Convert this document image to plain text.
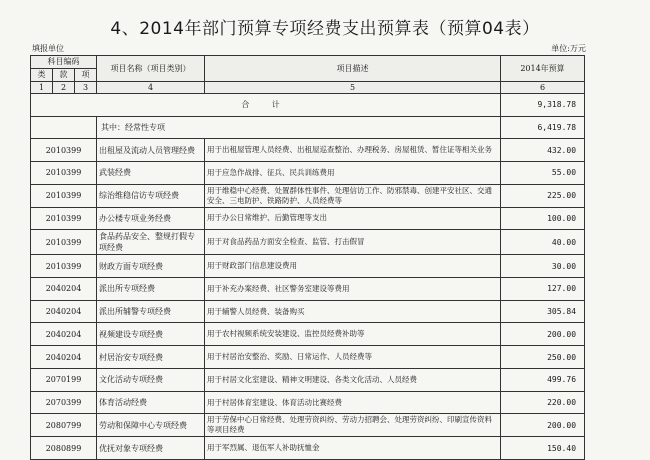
4、2014年部门预算专项经费支出预算表（预算04表）
填报单位	单位:万元
科目编码			项目名称（项目类别）	项目描述	2014年预算
类	款	项			
1	2	3	4	5	6
合 计					9,318.78
			其中：经常性专项		6,419.78
2010399			出租屋及流动人员管理经费	用于出租屋管理人员经费、出租屋巡查整治、办理税务、房屋租赁、暂住证等相关业务	432.00
2010399			武装经费	用于应急作战排、征兵、民兵训练费用	55.00
2010399			综治维稳信访专项经费	用于维稳中心经费、处置群体性事件、处理信访工作、防邪禁毒、创建平安社区、交通安全、三电防护、铁路防护、人员经费等	225.00
2010399			办公楼专项业务经费	用于办公日常维护、后勤管理等支出	100.00
2010399			食品药品安全、整规打假专项经费	用于对食品药品方面安全检查、监管、打击假冒	40.00
2010399			财政方面专项经费	用于财政部门信息建设费用	30.00
2040204			派出所专项经费	用于补充办案经费、社区警务室建设等费用	127.00
2040204			派出所辅警专项经费	用于辅警人员经费、装备购买	305.84
2040204			视频建设专项经费	用于农村视频系统安装建设、监控员经费补助等	200.00
2040204			村居治安专项经费	用于村居治安整治、奖励、日常运作、人员经费等	250.00
2070199			文化活动专项经费	用于村居文化室建设、精神文明建设、各类文化活动、人员经费	499.76
2070399			体育活动经费	用于村居体育室建设、体育活动比赛经费	220.00
2080799			劳动和保障中心专项经费	用于劳保中心日常经费、处理劳资纠纷、劳动力招聘会、处理劳资纠纷、印刷宣传资料等项目经费	200.00
2080899			优抚对象专项经费	用于军烈属、退伍军人补助抚恤金	150.40
